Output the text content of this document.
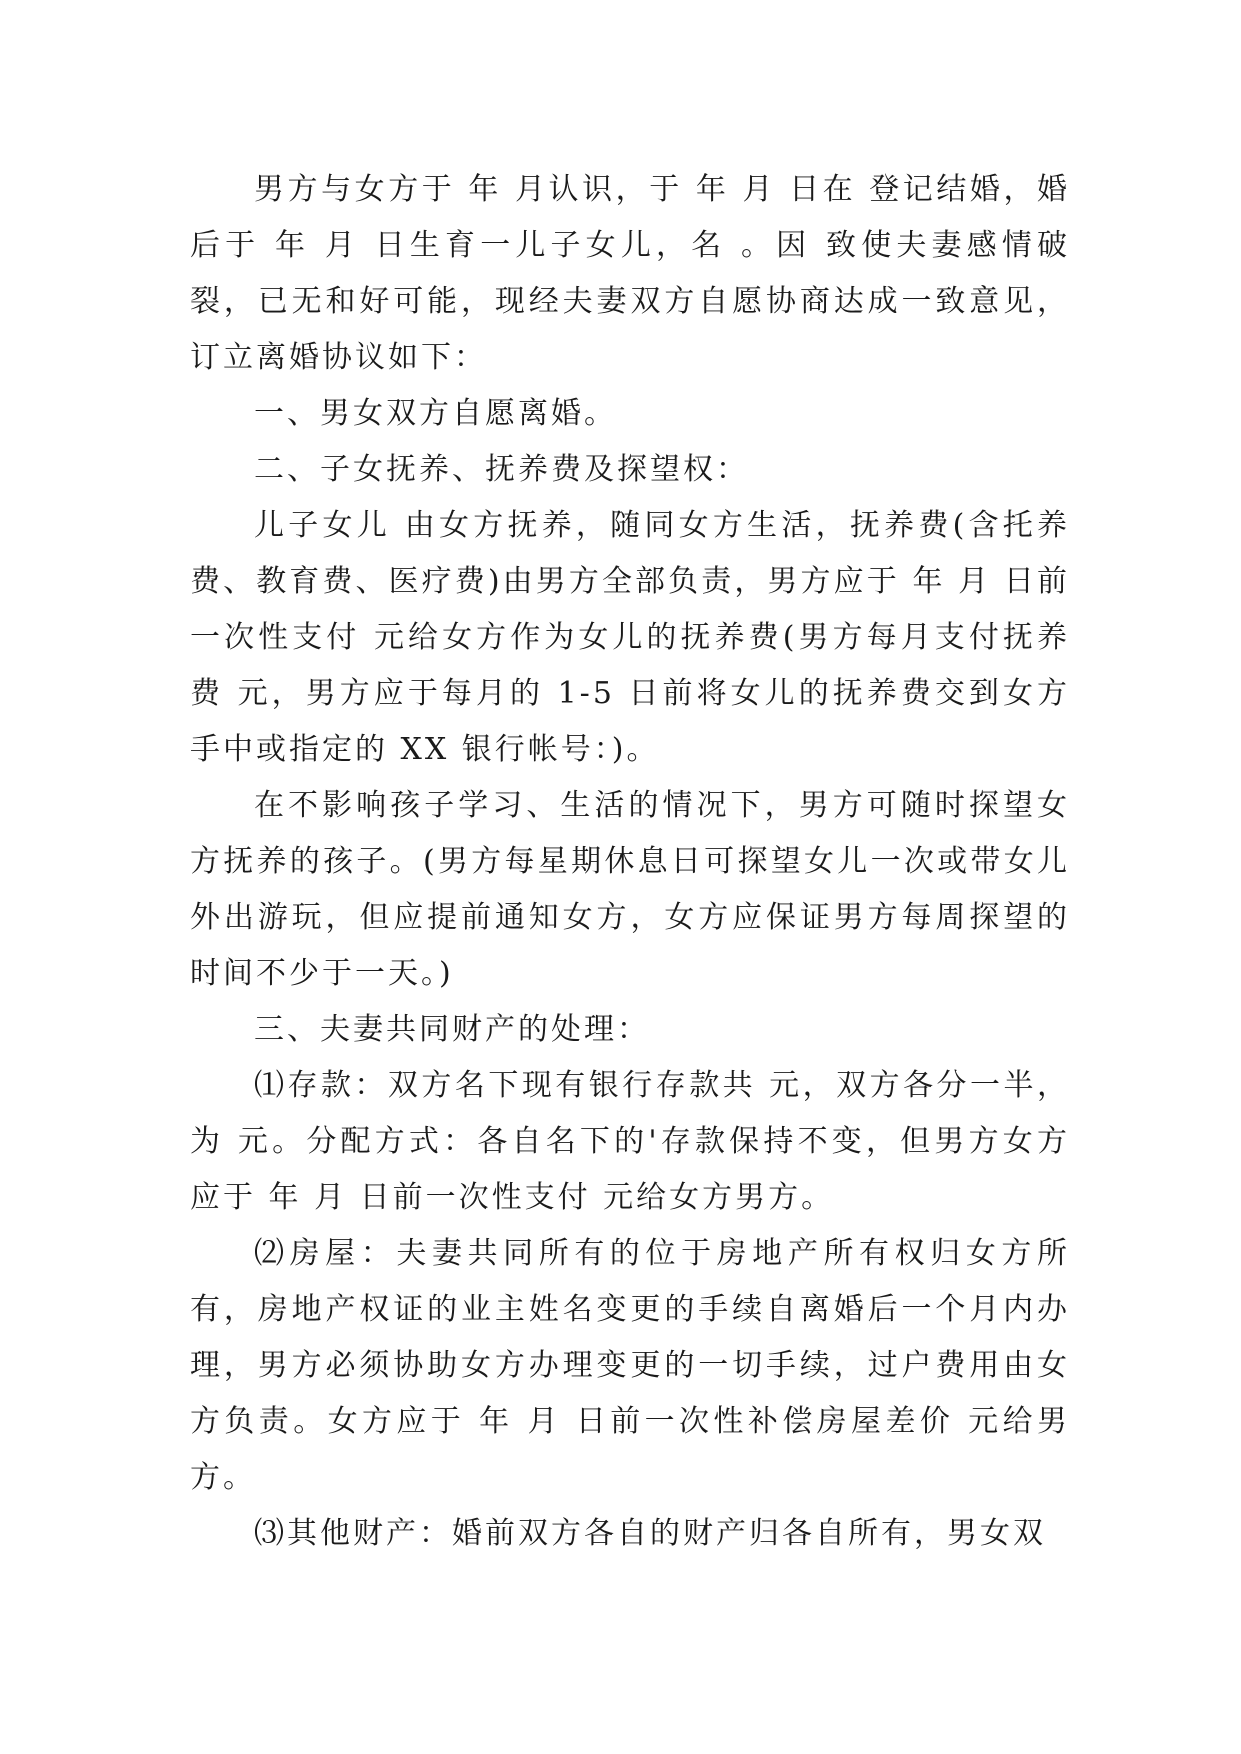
男方与女方于 年 月认识，于 年 月 日在 登记结婚，婚后于 年 月 日生育一儿子女儿，名 。因 致使夫妻感情破裂，已无和好可能，现经夫妻双方自愿协商达成一致意见，订立离婚协议如下：

一、男女双方自愿离婚。

二、子女抚养、抚养费及探望权：

儿子女儿 由女方抚养，随同女方生活，抚养费(含托养费、教育费、医疗费)由男方全部负责，男方应于 年 月 日前一次性支付 元给女方作为女儿的抚养费(男方每月支付抚养费 元，男方应于每月的 1-5 日前将女儿的抚养费交到女方手中或指定的 XX 银行帐号：)。

在不影响孩子学习、生活的情况下，男方可随时探望女方抚养的孩子。(男方每星期休息日可探望女儿一次或带女儿外出游玩，但应提前通知女方，女方应保证男方每周探望的时间不少于一天。)

三、夫妻共同财产的处理：

⑴存款：双方名下现有银行存款共 元，双方各分一半，为 元。分配方式：各自名下的'存款保持不变，但男方女方应于 年 月 日前一次性支付 元给女方男方。

⑵房屋：夫妻共同所有的位于房地产所有权归女方所有，房地产权证的业主姓名变更的手续自离婚后一个月内办理，男方必须协助女方办理变更的一切手续，过户费用由女方负责。女方应于 年 月 日前一次性补偿房屋差价 元给男方。

⑶其他财产：婚前双方各自的财产归各自所有，男女双
